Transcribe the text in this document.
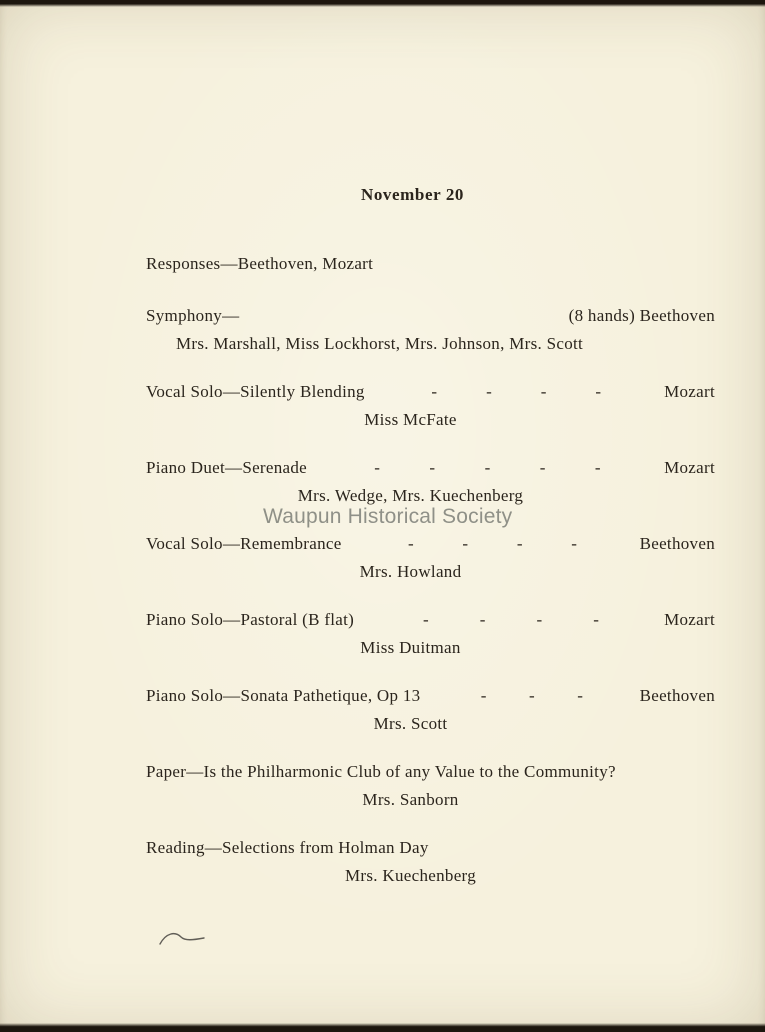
November 20
Responses—Beethoven, Mozart
Symphony—	(8 hands) Beethoven
Mrs. Marshall, Miss Lockhorst, Mrs. Johnson, Mrs. Scott
Vocal Solo—Silently Blending	-	-	-	-	Mozart
Miss McFate
Piano Duet—Serenade	-	-	-	-	-	Mozart
Mrs. Wedge, Mrs. Kuechenberg
Vocal Solo—Remembrance	-	-	-	-	Beethoven
Mrs. Howland
Piano Solo—Pastoral (B flat)	-	-	-	-	Mozart
Miss Duitman
Piano Solo—Sonata Pathetique, Op 13	- - -	Beethoven
Mrs. Scott
Paper—Is the Philharmonic Club of any Value to the Community?
Mrs. Sanborn
Reading—Selections from Holman Day
Mrs. Kuechenberg
Waupun Historical Society
